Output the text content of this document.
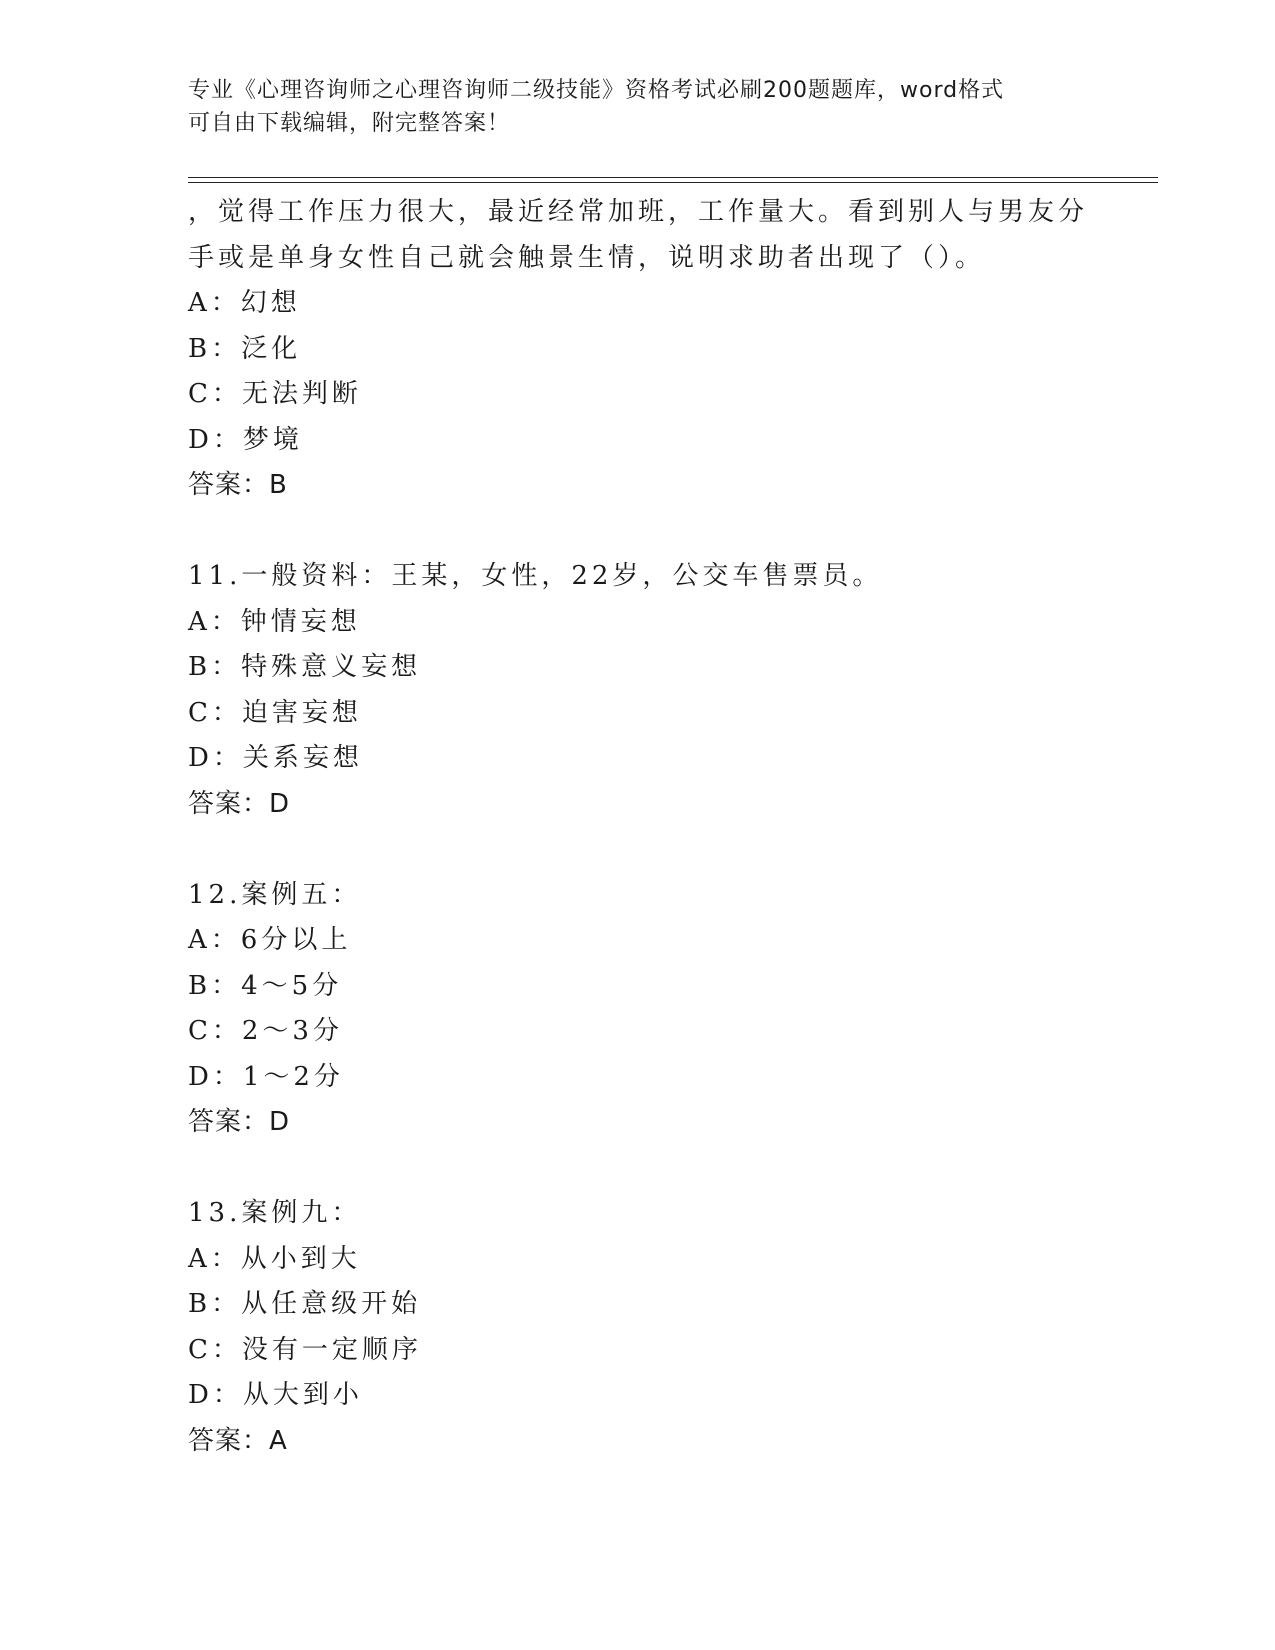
专业《心理咨询师之心理咨询师二级技能》资格考试必刷200题题库，word格式
可自由下载编辑，附完整答案！
，觉得工作压力很大，最近经常加班，工作量大。看到别人与男友分
手或是单身女性自己就会触景生情，说明求助者出现了（）。
A：幻想
B：泛化
C：无法判断
D：梦境
答案：B
11.一般资料：王某，女性，22岁，公交车售票员。
A：钟情妄想
B：特殊意义妄想
C：迫害妄想
D：关系妄想
答案：D
12.案例五：
A：6分以上
B：4～5分
C：2～3分
D：1～2分
答案：D
13.案例九：
A：从小到大
B：从任意级开始
C：没有一定顺序
D：从大到小
答案：A
